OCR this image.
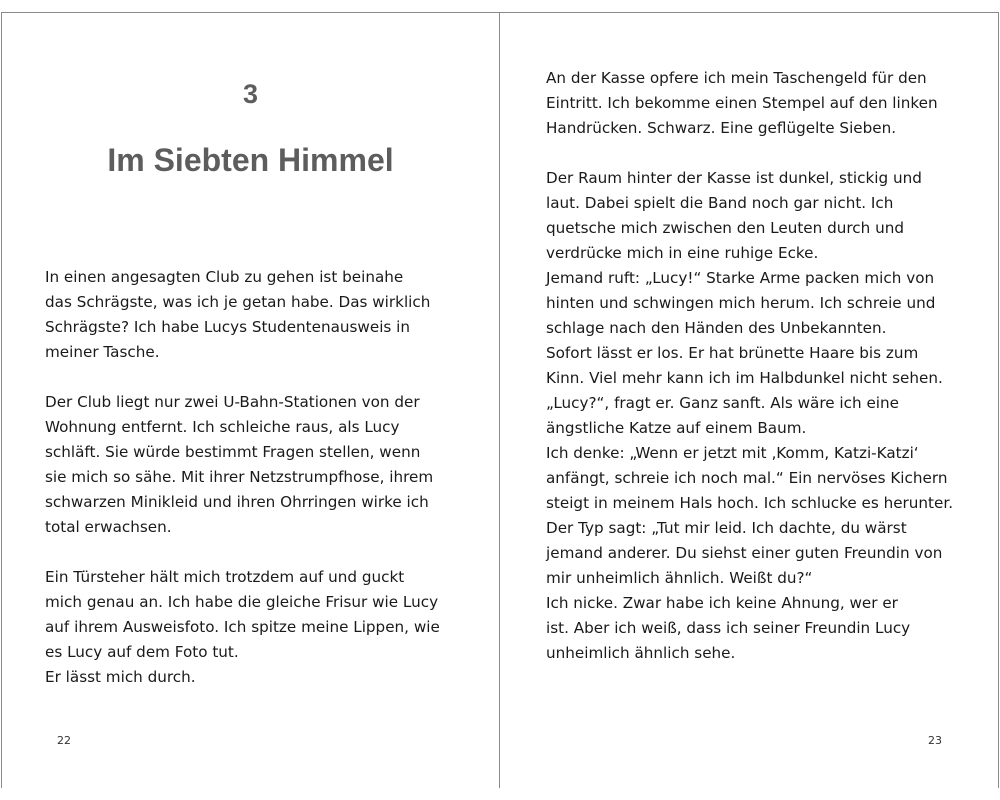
3
Im Siebten Himmel
In einen angesagten Club zu gehen ist beinahe
das Schrägste, was ich je getan habe. Das wirklich
Schrägste? Ich habe Lucys Studentenausweis in
meiner Tasche.
Der Club liegt nur zwei U-Bahn-Stationen von der
Wohnung entfernt. Ich schleiche raus, als Lucy
schläft. Sie würde bestimmt Fragen stellen, wenn
sie mich so sähe. Mit ihrer Netzstrumpfhose, ihrem
schwarzen Minikleid und ihren Ohrringen wirke ich
total erwachsen.
Ein Türsteher hält mich trotzdem auf und guckt
mich genau an. Ich habe die gleiche Frisur wie Lucy
auf ihrem Ausweisfoto. Ich spitze meine Lippen, wie
es Lucy auf dem Foto tut.
Er lässt mich durch.
22
An der Kasse opfere ich mein Taschengeld für den
Eintritt. Ich bekomme einen Stempel auf den linken
Handrücken. Schwarz. Eine geflügelte Sieben.
Der Raum hinter der Kasse ist dunkel, stickig und
laut. Dabei spielt die Band noch gar nicht. Ich
quetsche mich zwischen den Leuten durch und
verdrücke mich in eine ruhige Ecke.
Jemand ruft: „Lucy!“ Starke Arme packen mich von
hinten und schwingen mich herum. Ich schreie und
schlage nach den Händen des Unbekannten.
Sofort lässt er los. Er hat brünette Haare bis zum
Kinn. Viel mehr kann ich im Halbdunkel nicht sehen.
„Lucy?“, fragt er. Ganz sanft. Als wäre ich eine
ängstliche Katze auf einem Baum.
Ich denke: „Wenn er jetzt mit ‚Komm, Katzi-Katzi‘
anfängt, schreie ich noch mal.“ Ein nervöses Kichern
steigt in meinem Hals hoch. Ich schlucke es herunter.
Der Typ sagt: „Tut mir leid. Ich dachte, du wärst
jemand anderer. Du siehst einer guten Freundin von
mir unheimlich ähnlich. Weißt du?“
Ich nicke. Zwar habe ich keine Ahnung, wer er
ist. Aber ich weiß, dass ich seiner Freundin Lucy
unheimlich ähnlich sehe.
23
